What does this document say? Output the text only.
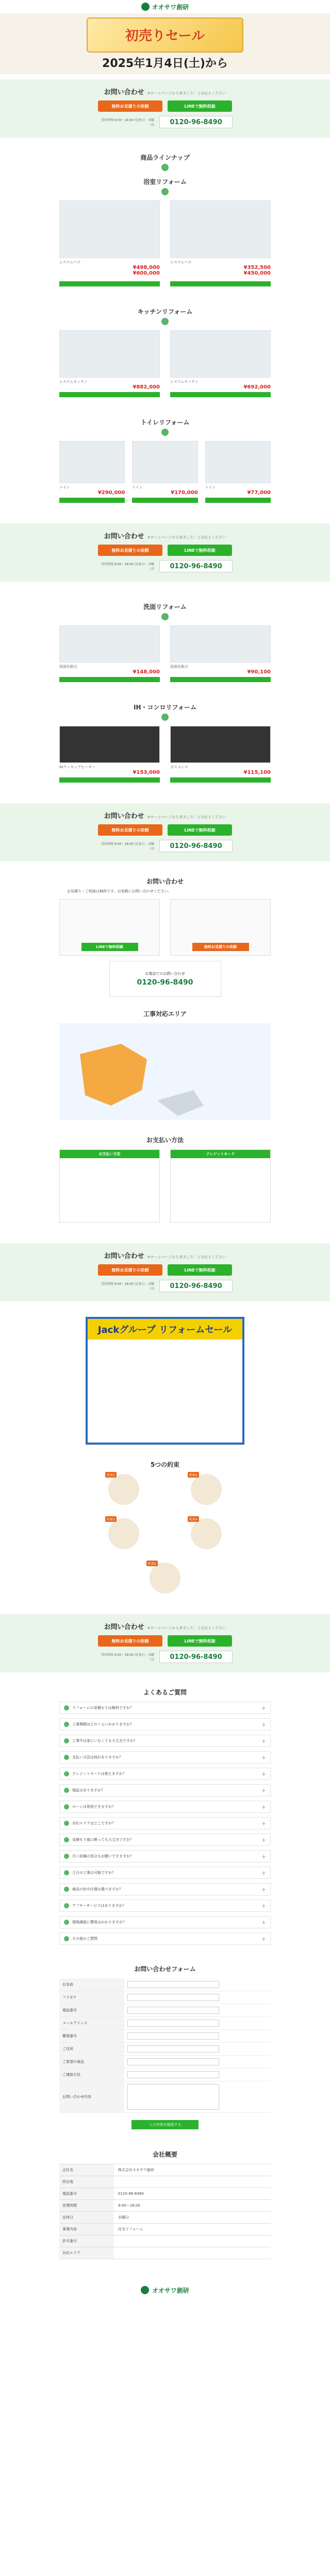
オオサワ創研
初売りセール
2025年1月4日(土)から
お問い合わせ ※ホームページから来ました！とお伝えください
無料お見積りの依頼	LINEで無料相談
受付時間 9:00〜18:00 (定休日：水曜日)	0120-96-8490
商品ラインナップ
浴室リフォーム
システムバス
¥498,000
¥600,000
システムバス
¥352,500
¥450,000
キッチンリフォーム
システムキッチン
¥882,000
システムキッチン
¥692,000
トイレリフォーム
トイレ
¥290,000
トイレ
¥170,000
トイレ
¥77,000
お問い合わせ ※ホームページから来ました！とお伝えください
無料お見積りの依頼	LINEで無料相談
受付時間 9:00〜18:00 (定休日：水曜日)	0120-96-8490
洗面リフォーム
洗面化粧台
¥148,000
洗面化粧台
¥90,100
IH・コンロリフォーム
IHクッキングヒーター
¥153,000
ガスコンロ
¥115,100
お問い合わせ ※ホームページから来ました！とお伝えください
無料お見積りの依頼	LINEで無料相談
受付時間 9:00〜18:00 (定休日：水曜日)	0120-96-8490
お問い合わせ
お見積り・ご相談は無料です。お気軽にお問い合わせください。
LINEで無料相談	無料お見積りの依頼
お電話でのお問い合わせ
0120-96-8490
工事対応エリア
お支払い方法
お支払い方法	クレジットカード
お問い合わせ ※ホームページから来ました！とお伝えください
無料お見積りの依頼	LINEで無料相談
受付時間 9:00〜18:00 (定休日：水曜日)	0120-96-8490
Jackグループ リフォームセール
5つの約束
約束1	約束2
約束3	約束4
約束5
お問い合わせ ※ホームページから来ました！とお伝えください
無料お見積りの依頼	LINEで無料相談
受付時間 9:00〜18:00 (定休日：水曜日)	0120-96-8490
よくあるご質問
リフォームの見積もりは無料ですか？	＋
工事期間はどのくらいかかりますか？	＋
工事中は家にいなくても大丈夫ですか？	＋
支払い方法は何がありますか？	＋
クレジットカードは使えますか？	＋
保証はありますか？	＋
ローンは利用できますか？	＋
対応エリアはどこですか？	＋
見積もり後に断っても大丈夫ですか？	＋
古い設備の処分もお願いできますか？	＋
土日の工事は可能ですか？	＋
商品の色や仕様は選べますか？	＋
アフターサービスはありますか？	＋
現地調査に費用はかかりますか？	＋
その他のご質問	＋
お問い合わせフォーム
お名前
フリガナ
電話番号
メールアドレス
郵便番号
ご住所
ご希望の商品
ご連絡方法
お問い合わせ内容
入力内容を確認する
会社概要
会社名	株式会社オオサワ創研
所在地
電話番号	0120-96-8490
営業時間	9:00〜18:00
定休日	水曜日
事業内容	住宅リフォーム
許可番号
対応エリア
オオサワ創研
